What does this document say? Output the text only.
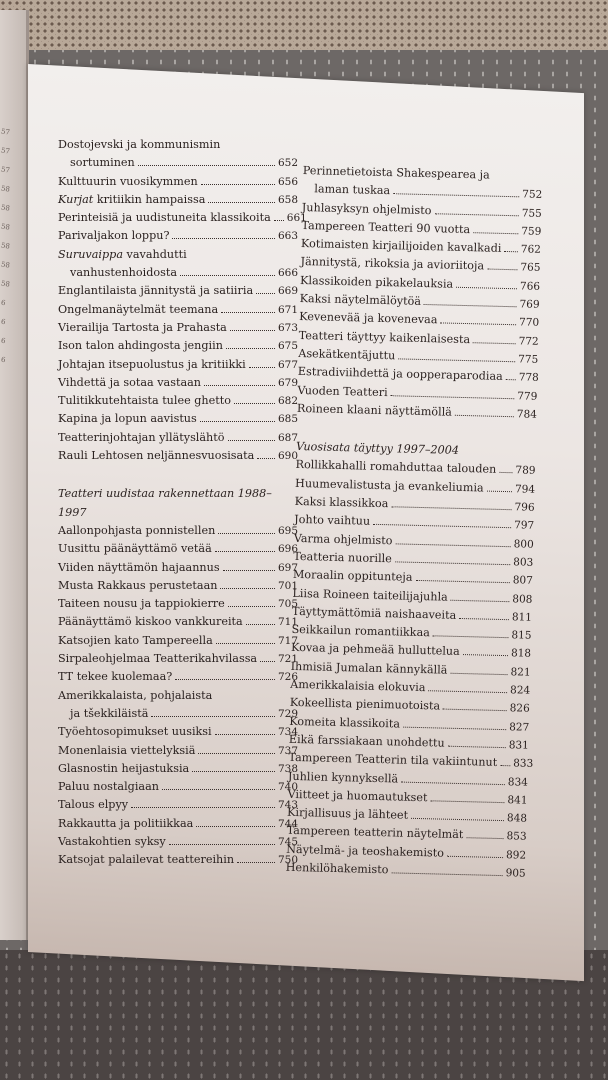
57
57
57
58
58
58
58
58
58
6
6
6
6
Dostojevski ja kommunismin
sortuminen	652
Kulttuurin vuosikymmen	656
Kurjat kritiikin hampaissa	658
Perinteisiä ja uudistuneita klassikoita 661
Parivaljakon loppu?	663
Suruvaippa vavahdutti
vanhustenhoidosta	666
Englantilaista jännitystä ja satiiria 669
Ongelmanäytelmät teemana	671
Vierailija Tartosta ja Prahasta	673
Ison talon ahdingosta jengiin	675
Johtajan itsepuolustus ja kritiikki	677
Vihdettä ja sotaa vastaan	679
Tulitikkutehtaista tulee ghetto	682
Kapina ja lopun aavistus	685
Teatterinjohtajan yllätyslähtö	687
Rauli Lehtosen neljännesvuosisata 690
Teatteri uudistaa rakennettaan 1988–1997
Aallonpohjasta ponnistellen	695
Uusittu päänäyttämö vetää	696
Viiden näyttämön hajaannus	697
Musta Rakkaus perustetaan	701
Taiteen nousu ja tappiokierre	705
Päänäyttämö kiskoo vankkureita	711
Katsojien kato Tampereella	717
Sirpaleohjelmaa Teatterikahvilassa 721
TT tekee kuolemaa?	726
Amerikkalaista, pohjalaista
ja tšekkiläistä	729
Työehtosopimukset uusiksi	734
Monenlaisia viettelyksiä	737
Glasnostin heijastuksia	738
Paluu nostalgiaan	740
Talous elpyy	743
Rakkautta ja politiikkaa	744
Vastakohtien syksy	745
Katsojat palailevat teattereihin	750
Perinnetietoista Shakespearea ja
laman tuskaa	752
Juhlasyksyn ohjelmisto	755
Tampereen Teatteri 90 vuotta	759
Kotimaisten kirjailijoiden kavalkadi 762
Jännitystä, rikoksia ja avioriitoja	765
Klassikoiden pikakelauksia	766
Kaksi näytelmälöytöä	769
Kevenevää ja kovenevaa	770
Teatteri täyttyy kaikenlaisesta	772
Asekätkentäjuttu	775
Estradiviihdettä ja oopperaparodiaa 778
Vuoden Teatteri	779
Roineen klaani näyttämöllä	784
Vuosisata täyttyy 1997–2004
Rollikkahalli romahduttaa talouden 789
Huumevalistusta ja evankeliumia	794
Kaksi klassikkoa	796
Johto vaihtuu	797
Varma ohjelmisto	800
Teatteria nuorille	803
Moraalin oppitunteja	807
Liisa Roineen taiteilijajuhla	808
Täyttymättömiä naishaaveita	811
Seikkailun romantiikkaa	815
Kovaa ja pehmeää hulluttelua	818
Ihmisiä Jumalan kännykällä	821
Amerikkalaisia elokuvia	824
Kokeellista pienimuotoista	826
Komeita klassikoita	827
Eikä farssiakaan unohdettu	831
Tampereen Teatterin tila vakiintunut 833
Juhlien kynnyksellä	834
Viitteet ja huomautukset	841
Kirjallisuus ja lähteet	848
Tampereen teatterin näytelmät	853
Näytelmä- ja teoshakemisto	892
Henkilöhakemisto	905
